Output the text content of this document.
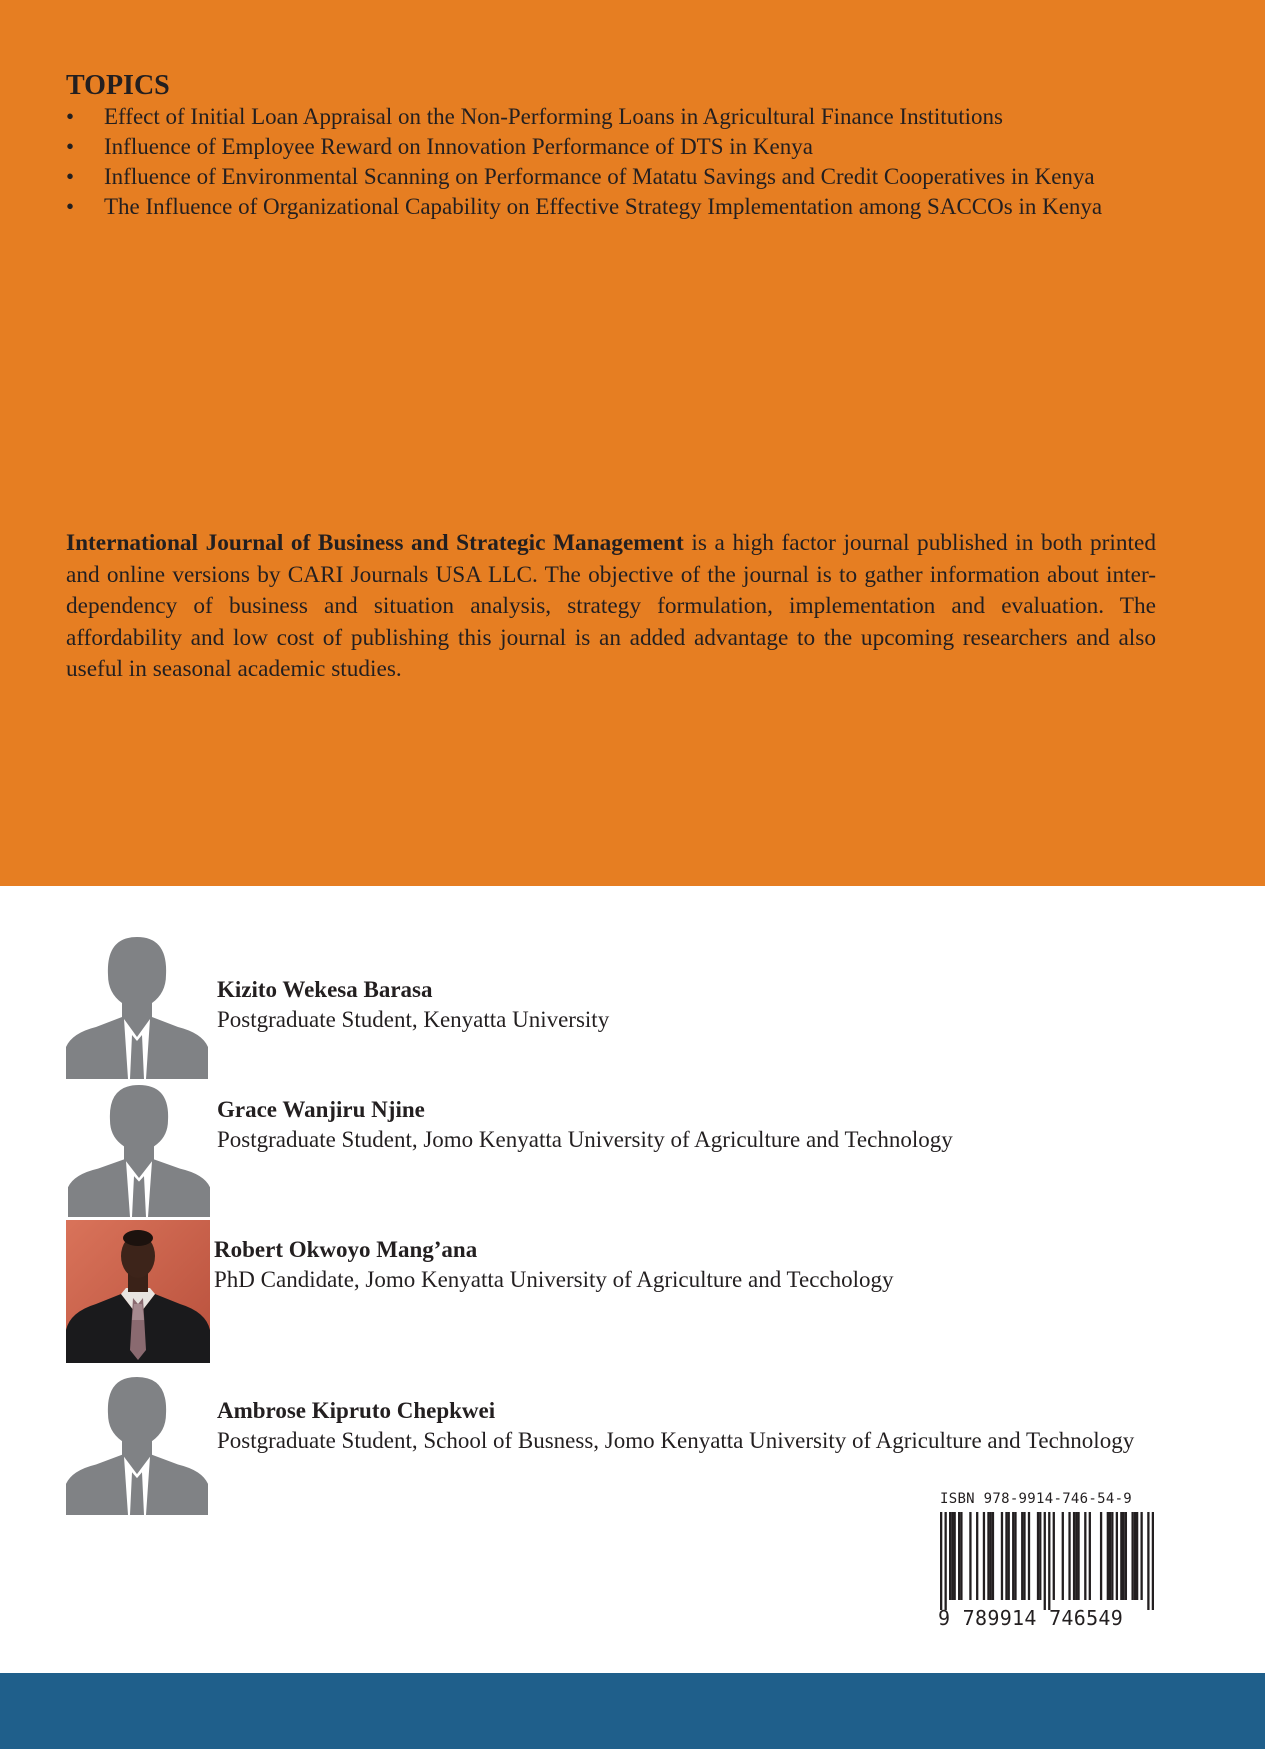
TOPICS
• Effect of Initial Loan Appraisal on the Non-Performing Loans in Agricultural Finance Institutions
• Influence of Employee Reward on Innovation Performance of DTS in Kenya
• Influence of Environmental Scanning on Performance of Matatu Savings and Credit Cooperatives in Kenya
• The Influence of Organizational Capability on Effective Strategy Implementation among SACCOs in Kenya

International Journal of Business and Strategic Management is a high factor journal published in both printed and online versions by CARI Journals USA LLC. The objective of the journal is to gather information about inter-dependency of business and situation analysis, strategy formulation, implementation and evaluation. The affordability and low cost of publishing this journal is an added advantage to the upcoming researchers and also useful in seasonal academic studies.

Kizito Wekesa Barasa
Postgraduate Student, Kenyatta University
Grace Wanjiru Njine
Postgraduate Student, Jomo Kenyatta University of Agriculture and Technology
Robert Okwoyo Mang’ana
PhD Candidate, Jomo Kenyatta University of Agriculture and Tecchology
Ambrose Kipruto Chepkwei
Postgraduate Student, School of Busness, Jomo Kenyatta University of Agriculture and Technology
ISBN 978-9914-746-54-9
9 789914 746549
